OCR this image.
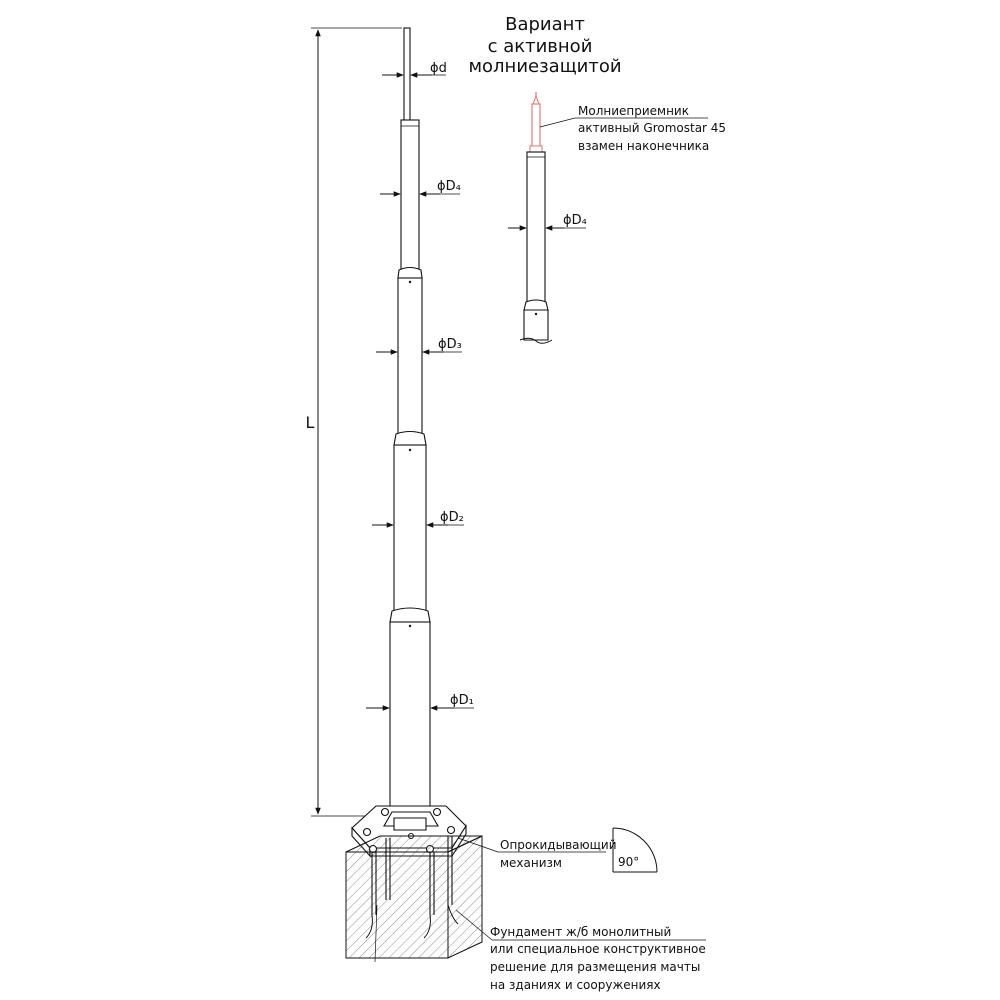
Вариант
с активной
молниезащитой
L
ϕd
ϕD₄
ϕD₃
ϕD₂
ϕD₁
ϕD₄
Молниеприемник
активный Gromostar 45
взамен наконечника
Опрокидывающий
механизм	90°
Фундамент ж/б монолитный
или специальное конструктивное
решение для размещения мачты
на зданиях и сооружениях
